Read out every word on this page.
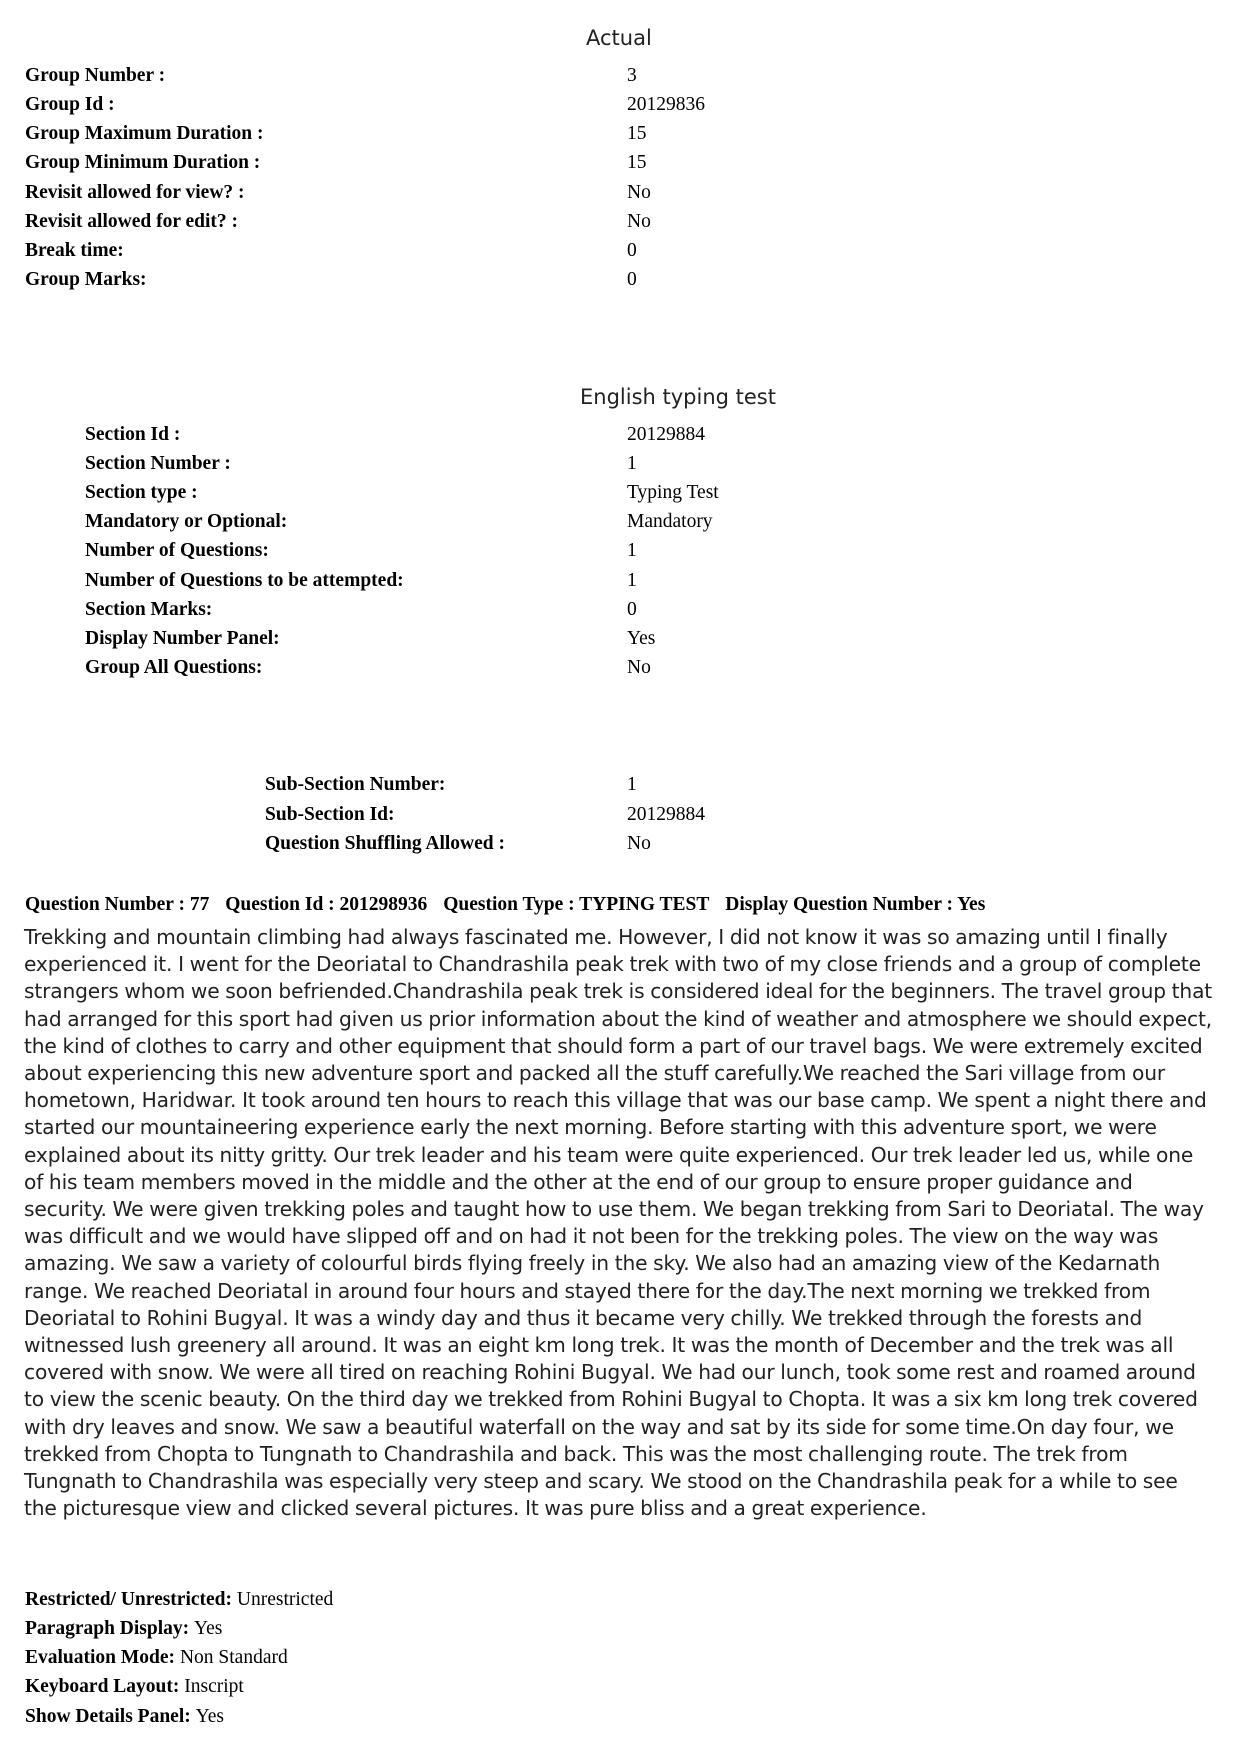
Actual
Group Number :	3
Group Id :	20129836
Group Maximum Duration :	15
Group Minimum Duration :	15
Revisit allowed for view? :	No
Revisit allowed for edit? :	No
Break time:	0
Group Marks:	0
English typing test
Section Id :	20129884
Section Number :	1
Section type :	Typing Test
Mandatory or Optional:	Mandatory
Number of Questions:	1
Number of Questions to be attempted:	1
Section Marks:	0
Display Number Panel:	Yes
Group All Questions:	No
Sub-Section Number:	1
Sub-Section Id:	20129884
Question Shuffling Allowed :	No
Question Number : 77 Question Id : 201298936 Question Type : TYPING TEST Display Question Number : Yes

Trekking and mountain climbing had always fascinated me. However, I did not know it was so amazing until I finally experienced it. I went for the Deoriatal to Chandrashila peak trek with two of my close friends and a group of complete strangers whom we soon befriended.Chandrashila peak trek is considered ideal for the beginners. The travel group that had arranged for this sport had given us prior information about the kind of weather and atmosphere we should expect, the kind of clothes to carry and other equipment that should form a part of our travel bags. We were extremely excited about experiencing this new adventure sport and packed all the stuff carefully.We reached the Sari village from our hometown, Haridwar. It took around ten hours to reach this village that was our base camp. We spent a night there and started our mountaineering experience early the next morning. Before starting with this adventure sport, we were explained about its nitty gritty. Our trek leader and his team were quite experienced. Our trek leader led us, while one of his team members moved in the middle and the other at the end of our group to ensure proper guidance and security. We were given trekking poles and taught how to use them. We began trekking from Sari to Deoriatal. The way was difficult and we would have slipped off and on had it not been for the trekking poles. The view on the way was amazing. We saw a variety of colourful birds flying freely in the sky. We also had an amazing view of the Kedarnath range. We reached Deoriatal in around four hours and stayed there for the day.The next morning we trekked from Deoriatal to Rohini Bugyal. It was a windy day and thus it became very chilly. We trekked through the forests and witnessed lush greenery all around. It was an eight km long trek. It was the month of December and the trek was all covered with snow. We were all tired on reaching Rohini Bugyal. We had our lunch, took some rest and roamed around to view the scenic beauty. On the third day we trekked from Rohini Bugyal to Chopta. It was a six km long trek covered with dry leaves and snow. We saw a beautiful waterfall on the way and sat by its side for some time.On day four, we trekked from Chopta to Tungnath to Chandrashila and back. This was the most challenging route. The trek from Tungnath to Chandrashila was especially very steep and scary. We stood on the Chandrashila peak for a while to see the picturesque view and clicked several pictures. It was pure bliss and a great experience.

Restricted/ Unrestricted: Unrestricted
Paragraph Display: Yes
Evaluation Mode: Non Standard
Keyboard Layout: Inscript
Show Details Panel: Yes
